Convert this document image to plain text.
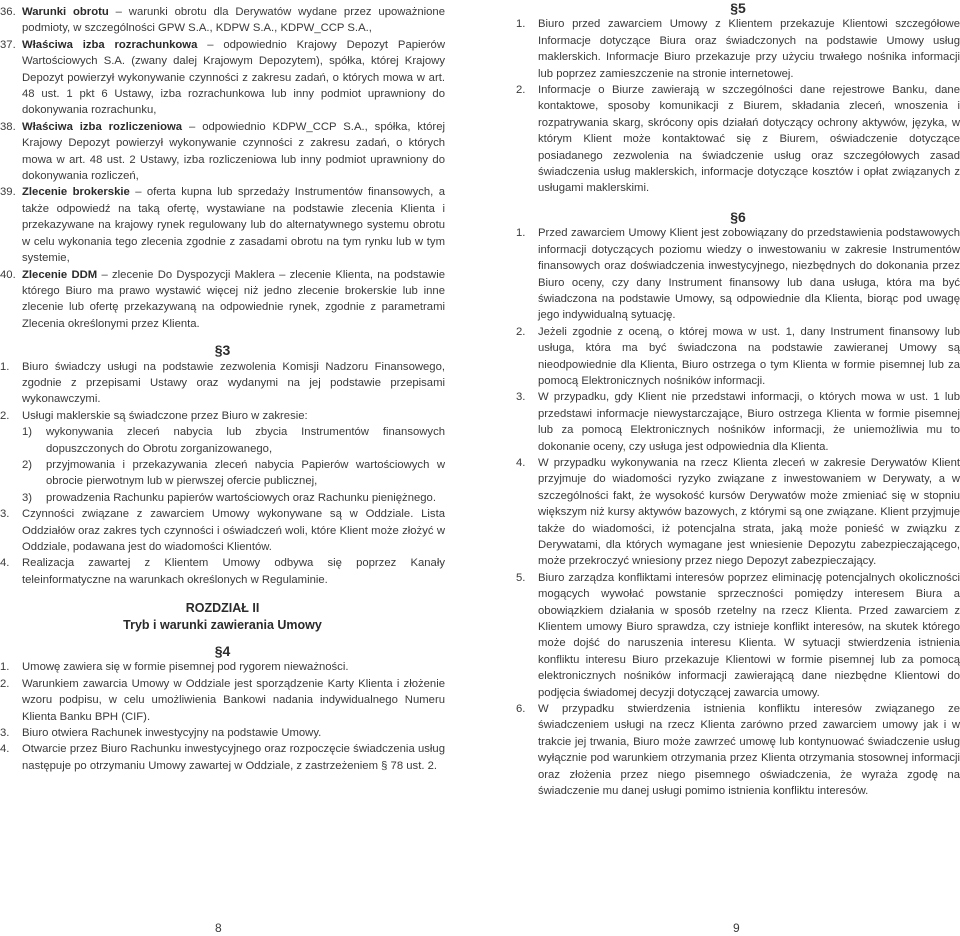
36. Warunki obrotu – warunki obrotu dla Derywatów wydane przez upoważnione podmioty, w szczególności GPW S.A., KDPW S.A., KDPW_CCP S.A.,
37. Właściwa izba rozrachunkowa – odpowiednio Krajowy Depozyt Papierów Wartościowych S.A. (zwany dalej Krajowym Depozytem), spółka, której Krajowy Depozyt powierzył wykonywanie czynności z zakresu zadań, o których mowa w art. 48 ust. 1 pkt 6 Ustawy, izba rozrachunkowa lub inny podmiot uprawniony do dokonywania rozrachunku,
38. Właściwa izba rozliczeniowa – odpowiednio KDPW_CCP S.A., spółka, której Krajowy Depozyt powierzył wykonywanie czynności z zakresu zadań, o których mowa w art. 48 ust. 2 Ustawy, izba rozliczeniowa lub inny podmiot uprawniony do dokonywania rozliczeń,
39. Zlecenie brokerskie – oferta kupna lub sprzedaży Instrumentów finansowych, a także odpowiedź na taką ofertę, wystawiane na podstawie zlecenia Klienta i przekazywane na krajowy rynek regulowany lub do alternatywnego systemu obrotu w celu wykonania tego zlecenia zgodnie z zasadami obrotu na tym rynku lub w tym systemie,
40. Zlecenie DDM – zlecenie Do Dyspozycji Maklera – zlecenie Klienta, na podstawie którego Biuro ma prawo wystawić więcej niż jedno zlecenie brokerskie lub inne zlecenie lub ofertę przekazywaną na odpowiednie rynek, zgodnie z parametrami Zlecenia określonymi przez Klienta.
§3
1.	Biuro świadczy usługi na podstawie zezwolenia Komisji Nadzoru Finansowego, zgodnie z przepisami Ustawy oraz wydanymi na jej podstawie przepisami wykonawczymi.
2.	Usługi maklerskie są świadczone przez Biuro w zakresie:
1)	wykonywania zleceń nabycia lub zbycia Instrumentów finansowych dopuszczonych do Obrotu zorganizowanego,
2)	przyjmowania i przekazywania zleceń nabycia Papierów wartościowych w obrocie pierwotnym lub w pierwszej ofercie publicznej,
3)	prowadzenia Rachunku papierów wartościowych oraz Rachunku pieniężnego.
3.	Czynności związane z zawarciem Umowy wykonywane są w Oddziale. Lista Oddziałów oraz zakres tych czynności i oświadczeń woli, które Klient może złożyć w Oddziale, podawana jest do wiadomości Klientów.
4.	Realizacja zawartej z Klientem Umowy odbywa się poprzez Kanały teleinformatyczne na warunkach określonych w Regulaminie.
ROZDZIAŁ II
Tryb i warunki zawierania Umowy
§4
1.	Umowę zawiera się w formie pisemnej pod rygorem nieważności.
2.	Warunkiem zawarcia Umowy w Oddziale jest sporządzenie Karty Klienta i złożenie wzoru podpisu, w celu umożliwienia Bankowi nadania indywidualnego Numeru Klienta Banku BPH (CIF).
3.	Biuro otwiera Rachunek inwestycyjny na podstawie Umowy.
4.	Otwarcie przez Biuro Rachunku inwestycyjnego oraz rozpoczęcie świadczenia usług następuje po otrzymaniu Umowy zawartej w Oddziale, z zastrzeżeniem § 78 ust. 2.
§5
1.	Biuro przed zawarciem Umowy z Klientem przekazuje Klientowi szczegółowe Informacje dotyczące Biura oraz świadczonych na podstawie Umowy usług maklerskich. Informacje Biuro przekazuje przy użyciu trwałego nośnika informacji lub poprzez zamieszczenie na stronie internetowej.
2.	Informacje o Biurze zawierają w szczególności dane rejestrowe Banku, dane kontaktowe, sposoby komunikacji z Biurem, składania zleceń, wnoszenia i rozpatrywania skarg, skrócony opis działań dotyczący ochrony aktywów, języka, w którym Klient może kontaktować się z Biurem, oświadczenie dotyczące posiadanego zezwolenia na świadczenie usług oraz szczegółowych zasad świadczenia usług maklerskich, informacje dotyczące kosztów i opłat związanych z usługami maklerskimi.
§6
1.	Przed zawarciem Umowy Klient jest zobowiązany do przedstawienia podstawowych informacji dotyczących poziomu wiedzy o inwestowaniu w zakresie Instrumentów finansowych oraz doświadczenia inwestycyjnego, niezbędnych do dokonania przez Biuro oceny, czy dany Instrument finansowy lub dana usługa, która ma być świadczona na podstawie Umowy, są odpowiednie dla Klienta, biorąc pod uwagę jego indywidualną sytuację.
2.	Jeżeli zgodnie z oceną, o której mowa w ust. 1, dany Instrument finansowy lub usługa, która ma być świadczona na podstawie zawieranej Umowy są nieodpowiednie dla Klienta, Biuro ostrzega o tym Klienta w formie pisemnej lub za pomocą Elektronicznych nośników informacji.
3.	W przypadku, gdy Klient nie przedstawi informacji, o których mowa w ust. 1 lub przedstawi informacje niewystarczające, Biuro ostrzega Klienta w formie pisemnej lub za pomocą Elektronicznych nośników informacji, że uniemożliwia mu to dokonanie oceny, czy usługa jest odpowiednia dla Klienta.
4.	W przypadku wykonywania na rzecz Klienta zleceń w zakresie Derywatów Klient przyjmuje do wiadomości ryzyko związane z inwestowaniem w Derywaty, a w szczególności fakt, że wysokość kursów Derywatów może zmieniać się w stopniu większym niż kursy aktywów bazowych, z którymi są one związane. Klient przyjmuje także do wiadomości, iż potencjalna strata, jaką może ponieść w związku z Derywatami, dla których wymagane jest wniesienie Depozytu zabezpieczającego, może przekroczyć wniesiony przez niego Depozyt zabezpieczający.
5.	Biuro zarządza konfliktami interesów poprzez eliminację potencjalnych okoliczności mogących wywołać powstanie sprzeczności pomiędzy interesem Biura a obowiązkiem działania w sposób rzetelny na rzecz Klienta. Przed zawarciem z Klientem umowy Biuro sprawdza, czy istnieje konflikt interesów, na skutek którego może dojść do naruszenia interesu Klienta. W sytuacji stwierdzenia istnienia konfliktu interesu Biuro przekazuje Klientowi w formie pisemnej lub za pomocą elektronicznych nośników informacji zawierającą dane niezbędne Klientowi do podjęcia świadomej decyzji dotyczącej zawarcia umowy.
6.	W przypadku stwierdzenia istnienia konfliktu interesów związanego ze świadczeniem usługi na rzecz Klienta zarówno przed zawarciem umowy jak i w trakcie jej trwania, Biuro może zawrzeć umowę lub kontynuować świadczenie usług wyłącznie pod warunkiem otrzymania przez Klienta otrzymania stosownej informacji oraz złożenia przez niego pisemnego oświadczenia, że wyraża zgodę na świadczenie mu danej usługi pomimo istnienia konfliktu interesów.
8	9
